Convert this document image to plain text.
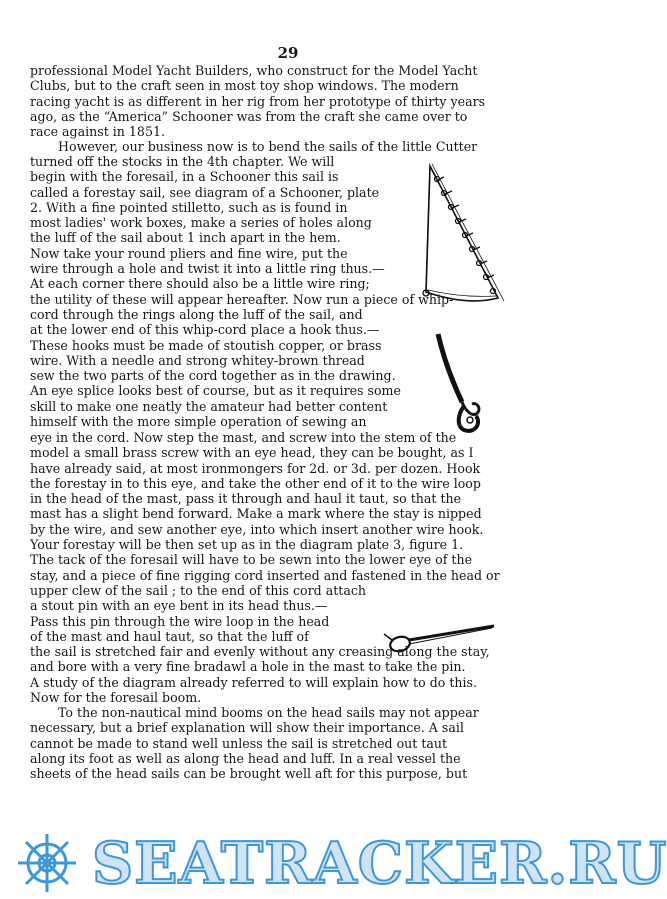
29

professional Model Yacht Builders, who construct for the Model Yacht

Clubs, but to the craft seen in most toy shop windows. The modern

racing yacht is as different in her rig from her prototype of thirty years

ago, as the “America” Schooner was from the craft she came over to

race against in 1851.

However, our business now is to bend the sails of the little Cutter

turned off the stocks in the 4th chapter. We will

begin with the foresail, in a Schooner this sail is

called a forestay sail, see diagram of a Schooner, plate

2. With a fine pointed stilletto, such as is found in

most ladies' work boxes, make a series of holes along

the luff of the sail about 1 inch apart in the hem.

Now take your round pliers and fine wire, put the

wire through a hole and twist it into a little ring thus.—

At each corner there should also be a little wire ring;

the utility of these will appear hereafter. Now run a piece of whip-

cord through the rings along the luff of the sail, and

at the lower end of this whip-cord place a hook thus.—

These hooks must be made of stoutish copper, or brass

wire. With a needle and strong whitey-brown thread

sew the two parts of the cord together as in the drawing.

An eye splice looks best of course, but as it requires some

skill to make one neatly the amateur had better content

himself with the more simple operation of sewing an

eye in the cord. Now step the mast, and screw into the stem of the

model a small brass screw with an eye head, they can be bought, as I

have already said, at most ironmongers for 2d. or 3d. per dozen. Hook

the forestay in to this eye, and take the other end of it to the wire loop

in the head of the mast, pass it through and haul it taut, so that the

mast has a slight bend forward. Make a mark where the stay is nipped

by the wire, and sew another eye, into which insert another wire hook.

Your forestay will be then set up as in the diagram plate 3, figure 1.

The tack of the foresail will have to be sewn into the lower eye of the

stay, and a piece of fine rigging cord inserted and fastened in the head or

upper clew of the sail ; to the end of this cord attach

a stout pin with an eye bent in its head thus.—

Pass this pin through the wire loop in the head

of the mast and haul taut, so that the luff of

the sail is stretched fair and evenly without any creasing along the stay,

and bore with a very fine bradawl a hole in the mast to take the pin.

A study of the diagram already referred to will explain how to do this.

Now for the foresail boom.

To the non-nautical mind booms on the head sails may not appear

necessary, but a brief explanation will show their importance. A sail

cannot be made to stand well unless the sail is stretched out taut

along its foot as well as along the head and luff. In a real vessel the

sheets of the head sails can be brought well aft for this purpose, but

SEATRACKER.RU
